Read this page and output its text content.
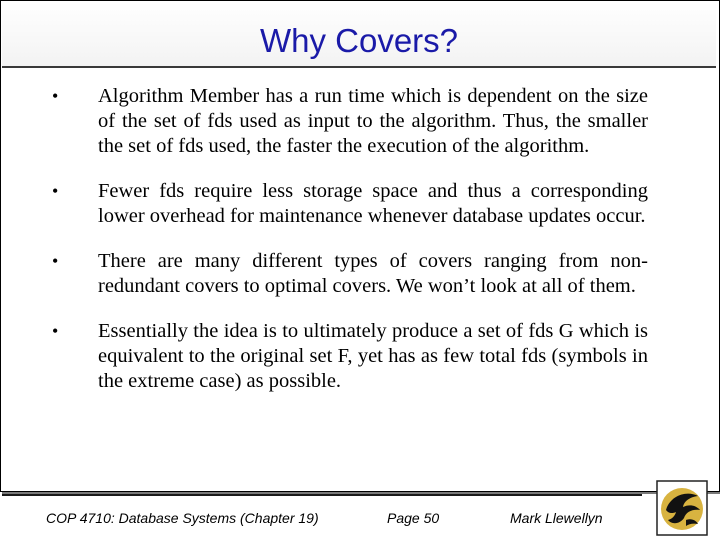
Why Covers?
• Algorithm Member has a run time which is dependent on the size of the set of fds used as input to the algorithm. Thus, the smaller the set of fds used, the faster the execution of the algorithm.
• Fewer fds require less storage space and thus a corresponding lower overhead for maintenance whenever database updates occur.
• There are many different types of covers ranging from non-redundant covers to optimal covers. We won’t look at all of them.
• Essentially the idea is to ultimately produce a set of fds G which is equivalent to the original set F, yet has as few total fds (symbols in the extreme case) as possible.
COP 4710: Database Systems (Chapter 19)	Page 50	Mark Llewellyn
